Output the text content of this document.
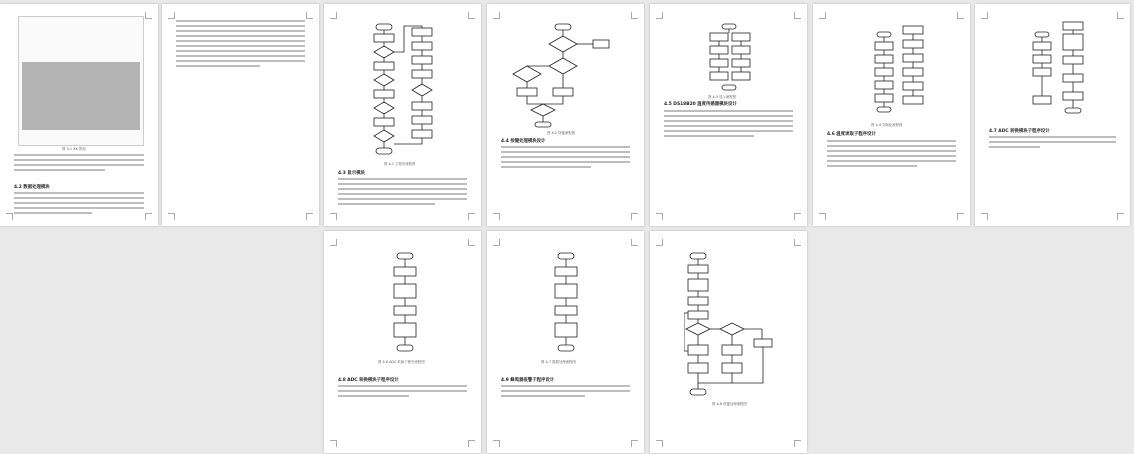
图 3-1 XX 界面
4.2 数据处理模块
图 4-1 主程序流程图
4.3 显示模块
图 4-2 按键流程图
4.4 按键处理模块设计
图 4-3 显示流程图
4.5 DS18B20 温度传感器模块设计
图 4-4 初始化流程图
4.6 温度读取子程序设计
4.7 ADC 转换模块子程序设计
图 4-6 ADC 转换子程序流程图
4.8 ADC 转换模块子程序设计
图 4-7 数据处理流程图
4.9 蜂鸣器报警子程序设计
图 4-8 按键处理流程图
